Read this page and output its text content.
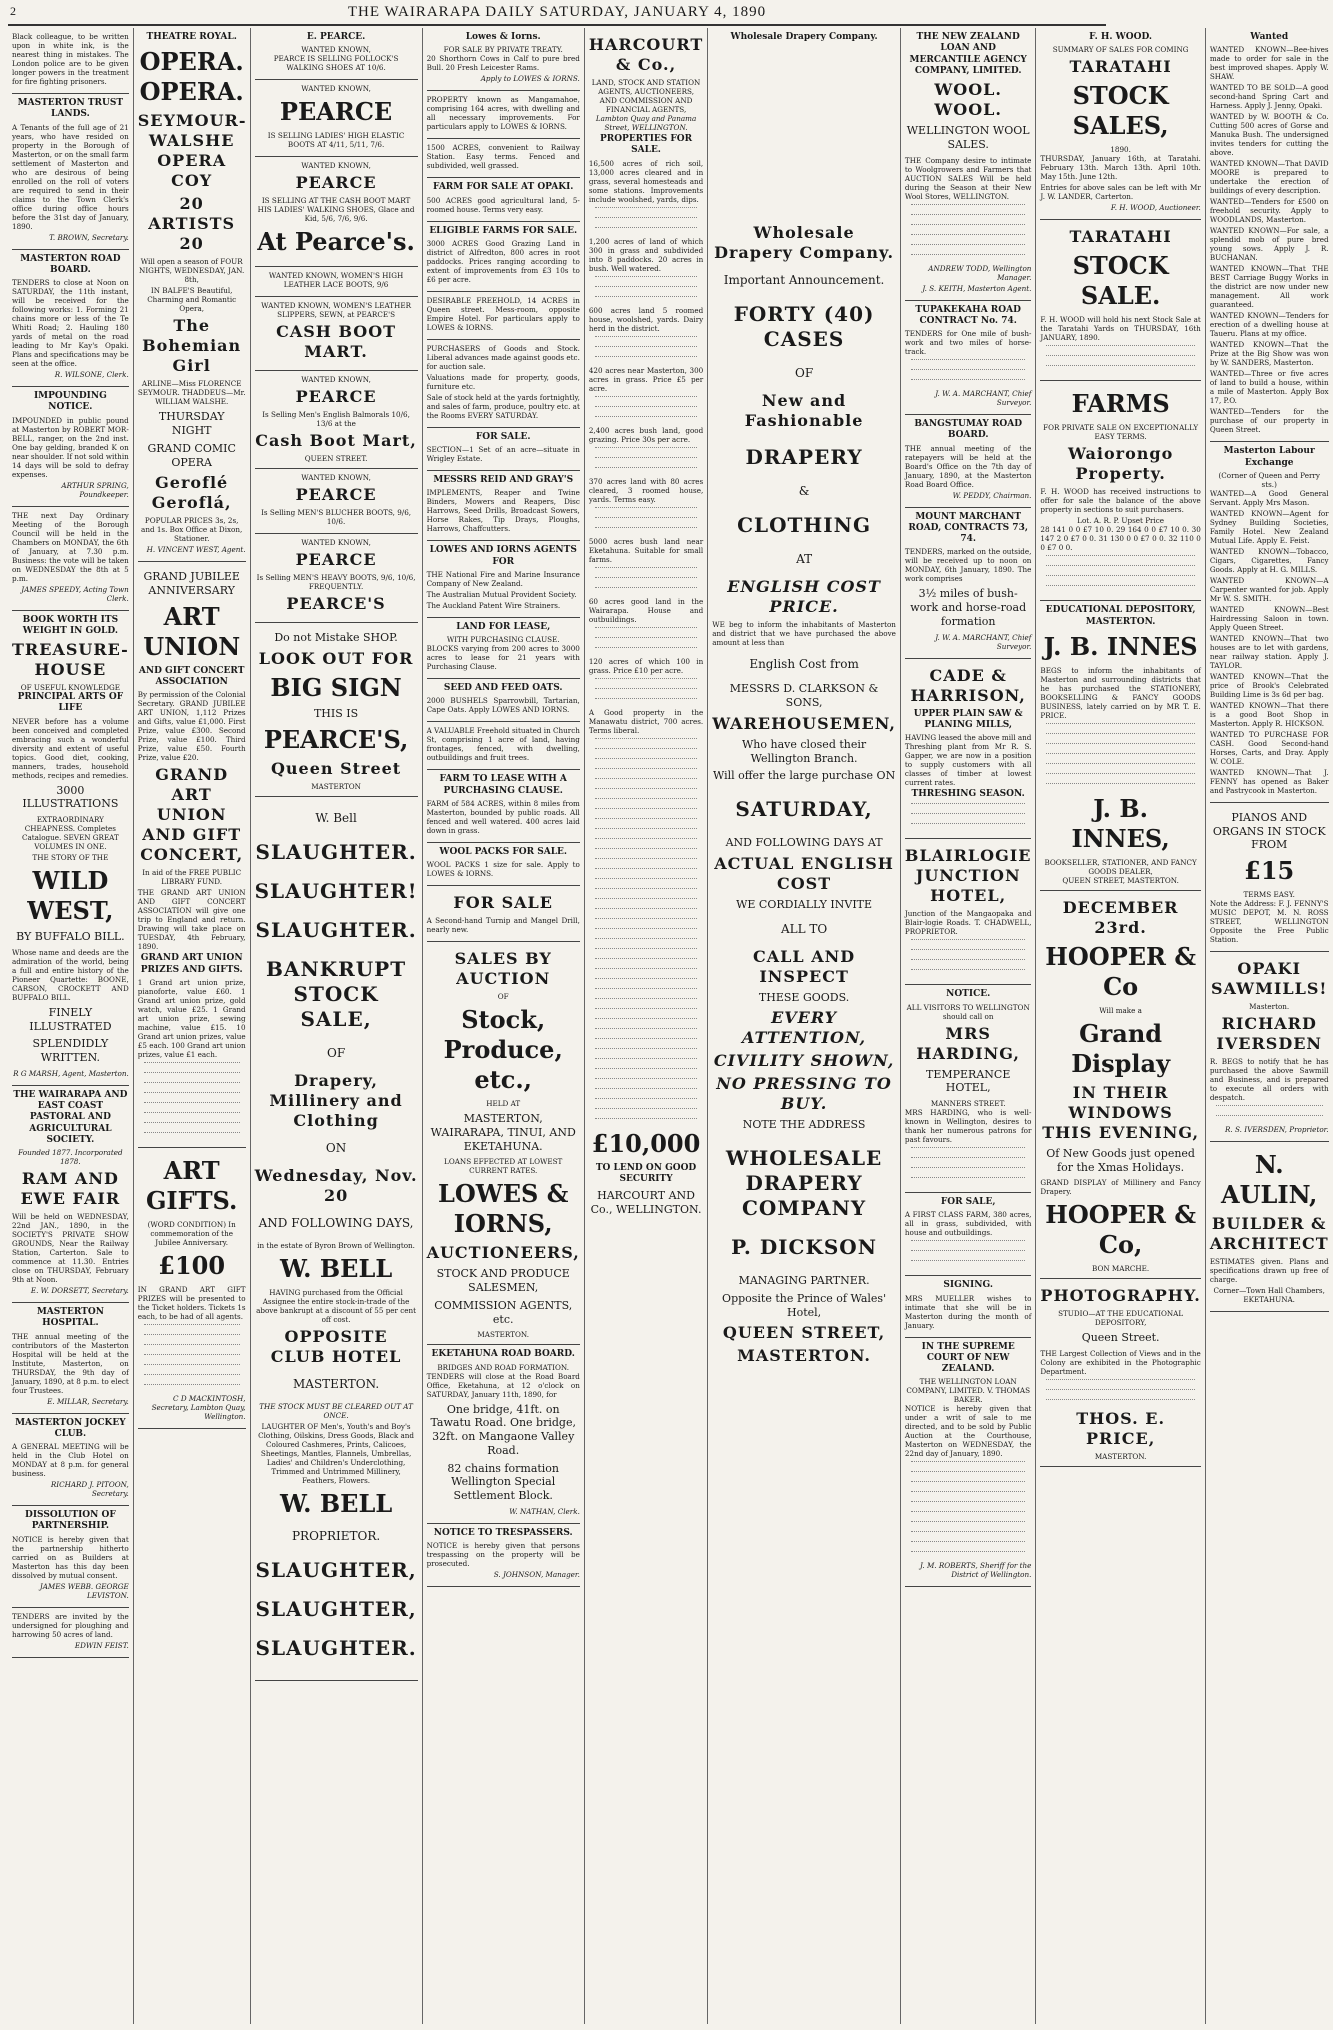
2	THE WAIRARAPA DAILY SATURDAY, JANUARY 4, 1890

Black colleague, to be written upon in white ink, is the nearest thing in mistakes. The London police are to be given longer powers in the treatment for fire fighting prisoners.

MASTERTON TRUST LANDS.

A Tenants of the full age of 21 years, who have resided on property in the Borough of Masterton, or on the small farm settlement of Masterton and who are desirous of being enrolled on the roll of voters are required to send in their claims to the Town Clerk's office during office hours before the 31st day of January, 1890.

T. BROWN, Secretary.

MASTERTON ROAD BOARD.

TENDERS to close at Noon on SATURDAY, the 11th instant, will be received for the following works: 1. Forming 21 chains more or less of the Te Whiti Road; 2. Hauling 180 yards of metal on the road leading to Mr Kay's Opaki. Plans and specifications may be seen at the office.

R. WILSONE, Clerk.

IMPOUNDING NOTICE.

IMPOUNDED in public pound at Masterton by ROBERT MOR-BELL, ranger, on the 2nd inst. One bay gelding, branded K on near shoulder. If not sold within 14 days will be sold to defray expenses.

ARTHUR SPRING, Poundkeeper.

THE next Day Ordinary Meeting of the Borough Council will be held in the Chambers on MONDAY, the 6th of January, at 7.30 p.m. Business: the vote will be taken on WEDNESDAY the 8th at 5 p.m.

JAMES SPEEDY, Acting Town Clerk.

BOOK WORTH ITS WEIGHT IN GOLD.
TREASURE-HOUSE
OF USEFUL KNOWLEDGE
PRINCIPAL ARTS OF LIFE

NEVER before has a volume been conceived and completed embracing such a wonderful diversity and extent of useful topics. Good diet, cooking, manners, trades, household methods, recipes and remedies.

3000 ILLUSTRATIONS

EXTRAORDINARY CHEAPNESS. Completes Catalogue. SEVEN GREAT VOLUMES IN ONE.

THE STORY OF THE
WILD WEST,
BY BUFFALO BILL.

Whose name and deeds are the admiration of the world, being a full and entire history of the Pioneer Quartette: BOONE, CARSON, CROCKETT AND BUFFALO BILL.

FINELY ILLUSTRATED
SPLENDIDLY WRITTEN.

R G MARSH, Agent, Masterton.

THE WAIRARAPA AND EAST COAST PASTORAL AND AGRICULTURAL SOCIETY.

Founded 1877. Incorporated 1878.

RAM AND EWE FAIR

Will be held on WEDNESDAY, 22nd JAN., 1890, in the SOCIETY'S PRIVATE SHOW GROUNDS, Near the Railway Station, Carterton. Sale to commence at 11.30. Entries close on THURSDAY, February 9th at Noon.

E. W. DORSETT, Secretary.

MASTERTON HOSPITAL.

THE annual meeting of the contributors of the Masterton Hospital will be held at the Institute, Masterton, on THURSDAY, the 9th day of January, 1890, at 8 p.m. to elect four Trustees.

E. MILLAR, Secretary.

MASTERTON JOCKEY CLUB.

A GENERAL MEETING will be held in the Club Hotel on MONDAY at 8 p.m. for general business.

RICHARD J. PITOON, Secretary.

DISSOLUTION OF PARTNERSHIP.

NOTICE is hereby given that the partnership hitherto carried on as Builders at Masterton has this day been dissolved by mutual consent.

JAMES WEBB. GEORGE LEVISTON.

TENDERS are invited by the undersigned for ploughing and harrowing 50 acres of land.

EDWIN FEIST.

THEATRE ROYAL.
OPERA. OPERA.
SEYMOUR-WALSHE OPERA COY
20 ARTISTS 20

Will open a season of FOUR NIGHTS, WEDNESDAY, JAN. 8th,

IN BALFE'S Beautiful, Charming and Romantic Opera,

The Bohemian Girl

ARLINE—Miss FLORENCE SEYMOUR. THADDEUS—Mr. WILLIAM WALSHE.

THURSDAY NIGHT
GRAND COMIC OPERA
Geroflé Geroflá,

POPULAR PRICES 3s, 2s, and 1s. Box Office at Dixon, Stationer.

H. VINCENT WEST, Agent.

GRAND JUBILEE ANNIVERSARY
ART UNION
AND GIFT CONCERT ASSOCIATION

By permission of the Colonial Secretary. GRAND JUBILEE ART UNION, 1,112 Prizes and Gifts, value £1,000. First Prize, value £300. Second Prize, value £100. Third Prize, value £50. Fourth Prize, value £20.

GRAND ART UNION AND GIFT CONCERT,

In aid of the FREE PUBLIC LIBRARY FUND.

THE GRAND ART UNION AND GIFT CONCERT ASSOCIATION will give one trip to England and return. Drawing will take place on TUESDAY, 4th February, 1890.

GRAND ART UNION PRIZES AND GIFTS.

1 Grand art union prize, pianoforte, value £60. 1 Grand art union prize, gold watch, value £25. 1 Grand art union prize, sewing machine, value £15. 10 Grand art union prizes, value £5 each. 100 Grand art union prizes, value £1 each.

ART GIFTS.

(WORD CONDITION) In commemoration of the Jubilee Anniversary.

£100

IN GRAND ART GIFT PRIZES will be presented to the Ticket holders. Tickets 1s each, to be had of all agents.

C D MACKINTOSH, Secretary, Lambton Quay, Wellington.

E. PEARCE.
WANTED KNOWN,

PEARCE IS SELLING FOLLOCK'S WALKING SHOES AT 10/6.

WANTED KNOWN,
PEARCE

IS SELLING LADIES' HIGH ELASTIC BOOTS AT 4/11, 5/11, 7/6.

WANTED KNOWN,
PEARCE

IS SELLING AT THE CASH BOOT MART HIS LADIES' WALKING SHOES, Glace and Kid, 5/6, 7/6, 9/6.

At Pearce's.

WANTED KNOWN, WOMEN'S HIGH LEATHER LACE BOOTS, 9/6

WANTED KNOWN, WOMEN'S LEATHER SLIPPERS, SEWN, at PEARCE'S

CASH BOOT MART.
WANTED KNOWN,
PEARCE

Is Selling Men's English Balmorals 10/6, 13/6 at the

Cash Boot Mart,
QUEEN STREET.
WANTED KNOWN,
PEARCE

Is Selling MEN'S BLUCHER BOOTS, 9/6, 10/6.

WANTED KNOWN,
PEARCE

Is Selling MEN'S HEAVY BOOTS, 9/6, 10/6, FREQUENTLY.

PEARCE'S
Do not Mistake SHOP.
LOOK OUT FOR
BIG SIGN
THIS IS
PEARCE'S,
Queen Street
MASTERTON
W. Bell
SLAUGHTER.
SLAUGHTER!
SLAUGHTER.
BANKRUPT STOCK SALE,
OF
Drapery, Millinery and Clothing
ON
Wednesday, Nov. 20
AND FOLLOWING DAYS,

in the estate of Byron Brown of Wellington.

W. BELL

HAVING purchased from the Official Assignee the entire stock-in-trade of the above bankrupt at a discount of 55 per cent off cost.

OPPOSITE CLUB HOTEL
MASTERTON.

THE STOCK MUST BE CLEARED OUT AT ONCE.

LAUGHTER OF Men's, Youth's and Boy's Clothing, Oilskins, Dress Goods, Black and Coloured Cashmeres, Prints, Calicoes, Sheetings, Mantles, Flannels, Umbrellas, Ladies' and Children's Underclothing, Trimmed and Untrimmed Millinery, Feathers, Flowers.

W. BELL
PROPRIETOR.
SLAUGHTER,
SLAUGHTER,
SLAUGHTER.
Lowes & Iorns.
FOR SALE BY PRIVATE TREATY.

20 Shorthorn Cows in Calf to pure bred Bull. 20 Fresh Leicester Rams.

Apply to LOWES & IORNS.

PROPERTY known as Mangamahoe, comprising 164 acres, with dwelling and all necessary improvements. For particulars apply to LOWES & IORNS.

1500 ACRES, convenient to Railway Station. Easy terms. Fenced and subdivided, well grassed.

FARM FOR SALE AT OPAKI.

500 ACRES good agricultural land, 5-roomed house. Terms very easy.

ELIGIBLE FARMS FOR SALE.

3000 ACRES Good Grazing Land in district of Alfredton, 800 acres in root paddocks. Prices ranging according to extent of improvements from £3 10s to £6 per acre.

DESIRABLE FREEHOLD, 14 ACRES in Queen street. Mess-room, opposite Empire Hotel. For particulars apply to LOWES & IORNS.

PURCHASERS of Goods and Stock. Liberal advances made against goods etc. for auction sale.

Valuations made for property, goods, furniture etc.

Sale of stock held at the yards fortnightly, and sales of farm, produce, poultry etc. at the Rooms EVERY SATURDAY.

FOR SALE.

SECTION—1 Set of an acre—situate in Wrigley Estate.

MESSRS REID AND GRAY'S

IMPLEMENTS, Reaper and Twine Binders, Mowers and Reapers, Disc Harrows, Seed Drills, Broadcast Sowers, Horse Rakes, Tip Drays, Ploughs, Harrows, Chaffcutters.

LOWES AND IORNS AGENTS FOR

THE National Fire and Marine Insurance Company of New Zealand.

The Australian Mutual Provident Society.

The Auckland Patent Wire Strainers.

LAND FOR LEASE,
WITH PURCHASING CLAUSE.

BLOCKS varying from 200 acres to 3000 acres to lease for 21 years with Purchasing Clause.

SEED AND FEED OATS.

2000 BUSHELS Sparrowbill, Tartarian, Cape Oats. Apply LOWES AND IORNS.

A VALUABLE Freehold situated in Church St, comprising 1 acre of land, having frontages, fenced, with dwelling, outbuildings and fruit trees.

FARM TO LEASE WITH A PURCHASING CLAUSE.

FARM of 584 ACRES, within 8 miles from Masterton, bounded by public roads. All fenced and well watered. 400 acres laid down in grass.

WOOL PACKS FOR SALE.

WOOL PACKS 1 size for sale. Apply to LOWES & IORNS.

FOR SALE

A Second-hand Turnip and Mangel Drill, nearly new.

SALES BY AUCTION
OF
Stock, Produce, etc.,
HELD AT
MASTERTON, WAIRARAPA, TINUI, AND EKETAHUNA.
LOANS EFFECTED AT LOWEST CURRENT RATES.
LOWES & IORNS,
AUCTIONEERS,
STOCK AND PRODUCE SALESMEN,
COMMISSION AGENTS, etc.
MASTERTON.
EKETAHUNA ROAD BOARD.
BRIDGES AND ROAD FORMATION.

TENDERS will close at the Road Board Office, Eketahuna, at 12 o'clock on SATURDAY, January 11th, 1890, for

One bridge, 41ft. on Tawatu Road. One bridge, 32ft. on Mangaone Valley Road.
82 chains formation Wellington Special Settlement Block.

W. NATHAN, Clerk.

NOTICE TO TRESPASSERS.

NOTICE is hereby given that persons trespassing on the property will be prosecuted.

S. JOHNSON, Manager.

HARCOURT & Co.,
LAND, STOCK AND STATION AGENTS, AUCTIONEERS, AND COMMISSION AND FINANCIAL AGENTS,

Lambton Quay and Panama Street, WELLINGTON.

PROPERTIES FOR SALE.

16,500 acres of rich soil, 13,000 acres cleared and in grass, several homesteads and some stations. Improvements include woolshed, yards, dips.

1,200 acres of land of which 300 in grass and subdivided into 8 paddocks. 20 acres in bush. Well watered.

600 acres land 5 roomed house, woolshed, yards. Dairy herd in the district.

420 acres near Masterton, 300 acres in grass. Price £5 per acre.

2,400 acres bush land, good grazing. Price 30s per acre.

370 acres land with 80 acres cleared, 3 roomed house, yards. Terms easy.

5000 acres bush land near Eketahuna. Suitable for small farms.

60 acres good land in the Wairarapa. House and outbuildings.

120 acres of which 100 in grass. Price £10 per acre.

A Good property in the Manawatu district, 700 acres. Terms liberal.

£10,000
TO LEND ON GOOD SECURITY
HARCOURT AND Co., WELLINGTON.
Wholesale Drapery Company.
Wholesale Drapery Company.
Important Announcement.
FORTY (40) CASES
OF
New and Fashionable
DRAPERY
&
CLOTHING
AT
ENGLISH COST PRICE.

WE beg to inform the inhabitants of Masterton and district that we have purchased the above amount at less than

English Cost from
MESSRS D. CLARKSON & SONS,
WAREHOUSEMEN,
Who have closed their Wellington Branch.
Will offer the large purchase ON
SATURDAY,
AND FOLLOWING DAYS AT
ACTUAL ENGLISH COST
WE CORDIALLY INVITE
ALL TO
CALL AND INSPECT
THESE GOODS.
EVERY ATTENTION,
CIVILITY SHOWN,
NO PRESSING TO BUY.
NOTE THE ADDRESS
WHOLESALE DRAPERY COMPANY
P. DICKSON
MANAGING PARTNER.
Opposite the Prince of Wales' Hotel,
QUEEN STREET,
MASTERTON.
THE NEW ZEALAND LOAN AND MERCANTILE AGENCY COMPANY, LIMITED.
WOOL. WOOL.
WELLINGTON WOOL SALES.

THE Company desire to intimate to Woolgrowers and Farmers that AUCTION SALES Will be held during the Season at their New Wool Stores, WELLINGTON.

ANDREW TODD, Wellington Manager.

J. S. KEITH, Masterton Agent.

TUPAKEKAHA ROAD CONTRACT No. 74.

TENDERS for One mile of bush-work and two miles of horse-track.

J. W. A. MARCHANT, Chief Surveyor.

BANGSTUMAY ROAD BOARD.

THE annual meeting of the ratepayers will be held at the Board's Office on the 7th day of January, 1890, at the Masterton Road Board Office.

W. PEDDY, Chairman.

MOUNT MARCHANT ROAD, CONTRACTS 73, 74.

TENDERS, marked on the outside, will be received up to noon on MONDAY, 6th January, 1890. The work comprises

3½ miles of bush-work and horse-road formation

J. W. A. MARCHANT, Chief Surveyor.

CADE & HARRISON,
UPPER PLAIN SAW & PLANING MILLS,

HAVING leased the above mill and Threshing plant from Mr R. S. Gapper, we are now in a position to supply customers with all classes of timber at lowest current rates.

THRESHING SEASON.
BLAIRLOGIE JUNCTION HOTEL,

Junction of the Mangaopaka and Blair-logie Roads. T. CHADWELL, PROPRIETOR.

NOTICE.
ALL VISITORS TO WELLINGTON should call on
MRS HARDING,
TEMPERANCE HOTEL,
MANNERS STREET.

MRS HARDING, who is well-known in Wellington, desires to thank her numerous patrons for past favours.

FOR SALE,

A FIRST CLASS FARM, 380 acres, all in grass, subdivided, with house and outbuildings.

SIGNING.

MRS MUELLER wishes to intimate that she will be in Masterton during the month of January.

IN THE SUPREME COURT OF NEW ZEALAND.
THE WELLINGTON LOAN COMPANY, LIMITED. V. THOMAS BAKER.

NOTICE is hereby given that under a writ of sale to me directed, and to be sold by Public Auction at the Courthouse, Masterton on WEDNESDAY, the 22nd day of January, 1890.

J. M. ROBERTS, Sheriff for the District of Wellington.

F. H. WOOD.
SUMMARY OF SALES FOR COMING
TARATAHI
STOCK SALES,
1890.

THURSDAY, January 16th, at Taratahi. February 13th. March 13th. April 10th. May 15th. June 12th.

Entries for above sales can be left with Mr J. W. LANDER, Carterton.

F. H. WOOD, Auctioneer.

TARATAHI
STOCK SALE.

F. H. WOOD will hold his next Stock Sale at the Taratahi Yards on THURSDAY, 16th JANUARY, 1890.

FARMS
FOR PRIVATE SALE ON EXCEPTIONALLY EASY TERMS.
Waiorongo Property.

F. H. WOOD has received instructions to offer for sale the balance of the above property in sections to suit purchasers.

Lot. A. R. P. Upset Price

28 141 0 0 £7 10 0. 29 164 0 0 £7 10 0. 30 147 2 0 £7 0 0. 31 130 0 0 £7 0 0. 32 110 0 0 £7 0 0.

EDUCATIONAL DEPOSITORY, MASTERTON.
J. B. INNES

BEGS to inform the inhabitants of Masterton and surrounding districts that he has purchased the STATIONERY, BOOKSELLING & FANCY GOODS BUSINESS, lately carried on by MR T. E. PRICE.

J. B. INNES,
BOOKSELLER, STATIONER, AND FANCY GOODS DEALER,
QUEEN STREET, MASTERTON.
DECEMBER 23rd.
HOOPER & Co
Will make a
Grand Display
IN THEIR WINDOWS THIS EVENING,
Of New Goods just opened for the Xmas Holidays.

GRAND DISPLAY of Millinery and Fancy Drapery.

HOOPER & Co,
BON MARCHE.
PHOTOGRAPHY.
STUDIO—AT THE EDUCATIONAL DEPOSITORY,
Queen Street.

THE Largest Collection of Views and in the Colony are exhibited in the Photographic Department.

THOS. E. PRICE,
MASTERTON.
Wanted

WANTED KNOWN—Bee-hives made to order for sale in the best improved shapes. Apply W. SHAW.

WANTED TO BE SOLD—A good second-hand Spring Cart and Harness. Apply J. Jenny, Opaki.

WANTED by W. BOOTH & Co. Cutting 500 acres of Gorse and Manuka Bush. The undersigned invites tenders for cutting the above.

WANTED KNOWN—That DAVID MOORE is prepared to undertake the erection of buildings of every description.

WANTED—Tenders for £500 on freehold security. Apply to WOODLANDS, Masterton.

WANTED KNOWN—For sale, a splendid mob of pure bred young sows. Apply J. R. BUCHANAN.

WANTED KNOWN—That THE BEST Carriage Buggy Works in the district are now under new management. All work guaranteed.

WANTED KNOWN—Tenders for erection of a dwelling house at Taueru. Plans at my office.

WANTED KNOWN—That the Prize at the Big Show was won by W. SANDERS, Masterton.

WANTED—Three or five acres of land to build a house, within a mile of Masterton. Apply Box 17, P.O.

WANTED—Tenders for the purchase of our property in Queen Street.

Masterton Labour Exchange
(Corner of Queen and Perry sts.)

WANTED—A Good General Servant. Apply Mrs Mason.

WANTED KNOWN—Agent for Sydney Building Societies, Family Hotel. New Zealand Mutual Life. Apply E. Feist.

WANTED KNOWN—Tobacco, Cigars, Cigarettes, Fancy Goods. Apply at H. G. MILLS.

WANTED KNOWN—A Carpenter wanted for job. Apply Mr W. S. SMITH.

WANTED KNOWN—Best Hairdressing Saloon in town. Apply Queen Street.

WANTED KNOWN—That two houses are to let with gardens, near railway station. Apply J. TAYLOR.

WANTED KNOWN—That the price of Brook's Celebrated Building Lime is 3s 6d per bag.

WANTED KNOWN—That there is a good Boot Shop in Masterton. Apply R. HICKSON.

WANTED TO PURCHASE FOR CASH. Good Second-hand Horses, Carts, and Dray. Apply W. COLE.

WANTED KNOWN—That J. FENNY has opened as Baker and Pastrycook in Masterton.

PIANOS AND ORGANS IN STOCK FROM
£15
TERMS EASY.

Note the Address: F. J. FENNY'S MUSIC DEPOT, M. N. ROSS STREET, WELLINGTON Opposite the Free Public Station.

OPAKI SAWMILLS!
Masterton.
RICHARD IVERSDEN

R. BEGS to notify that he has purchased the above Sawmill and Business, and is prepared to execute all orders with despatch.

R. S. IVERSDEN, Proprietor.

N. AULIN,
BUILDER & ARCHITECT

ESTIMATES given. Plans and specifications drawn up free of charge.

Corner—Town Hall Chambers, EKETAHUNA.
